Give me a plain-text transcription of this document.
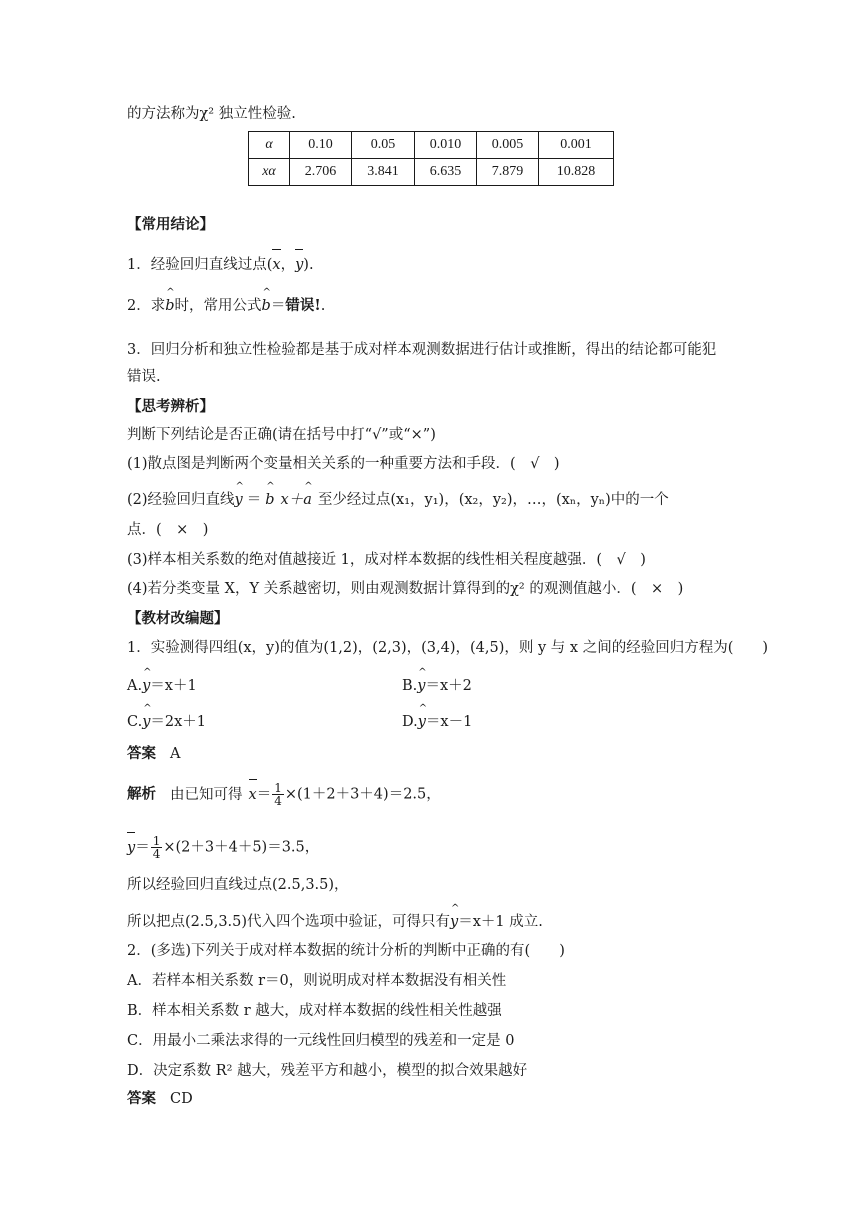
的方法称为χ² 独立性检验.
α	0.10	0.05	0.010	0.005	0.001
xα	2.706	3.841	6.635	7.879	10.828
【常用结论】
1．经验回归直线过点(x，y).
2．求^ b时，常用公式^ b＝错误!.
3．回归分析和独立性检验都是基于成对样本观测数据进行估计或推断，得出的结论都可能犯
错误.
【思考辨析】
判断下列结论是否正确(请在括号中打“√”或“×”)
(1)散点图是判断两个变量相关关系的一种重要方法和手段．(　√　)
(2)经验回归直线^ y ＝ ^ b x＋^ a 至少经过点(x₁，y₁)，(x₂，y₂)，…，(xₙ，yₙ)中的一个
点．(　×　)
(3)样本相关系数的绝对值越接近 1，成对样本数据的线性相关程度越强．(　√　)
(4)若分类变量 X，Y 关系越密切，则由观测数据计算得到的χ² 的观测值越小．(　×　)
【教材改编题】
1．实验测得四组(x，y)的值为(1,2)，(2,3)，(3,4)，(4,5)，则 y 与 x 之间的经验回归方程为(　　)
A.^ y＝x＋1	B.^ y＝x＋2
C.^ y＝2x＋1	D.^ y＝x－1
答案 A
解析 由已知可得 $x= \frac{1}{4} \times(1+2+3+4)=2.5$，
$y= \frac{1}{4} \times(2+3+4+5)=3.5$，
所以经验回归直线过点(2.5,3.5)，
所以把点(2.5,3.5)代入四个选项中验证，可得只有^ y＝x＋1 成立.
2．(多选)下列关于成对样本数据的统计分析的判断中正确的有(　　)
A．若样本相关系数 r＝0，则说明成对样本数据没有相关性
B．样本相关系数 r 越大，成对样本数据的线性相关性越强
C．用最小二乘法求得的一元线性回归模型的残差和一定是 0
D．决定系数 R² 越大，残差平方和越小，模型的拟合效果越好
答案 CD
